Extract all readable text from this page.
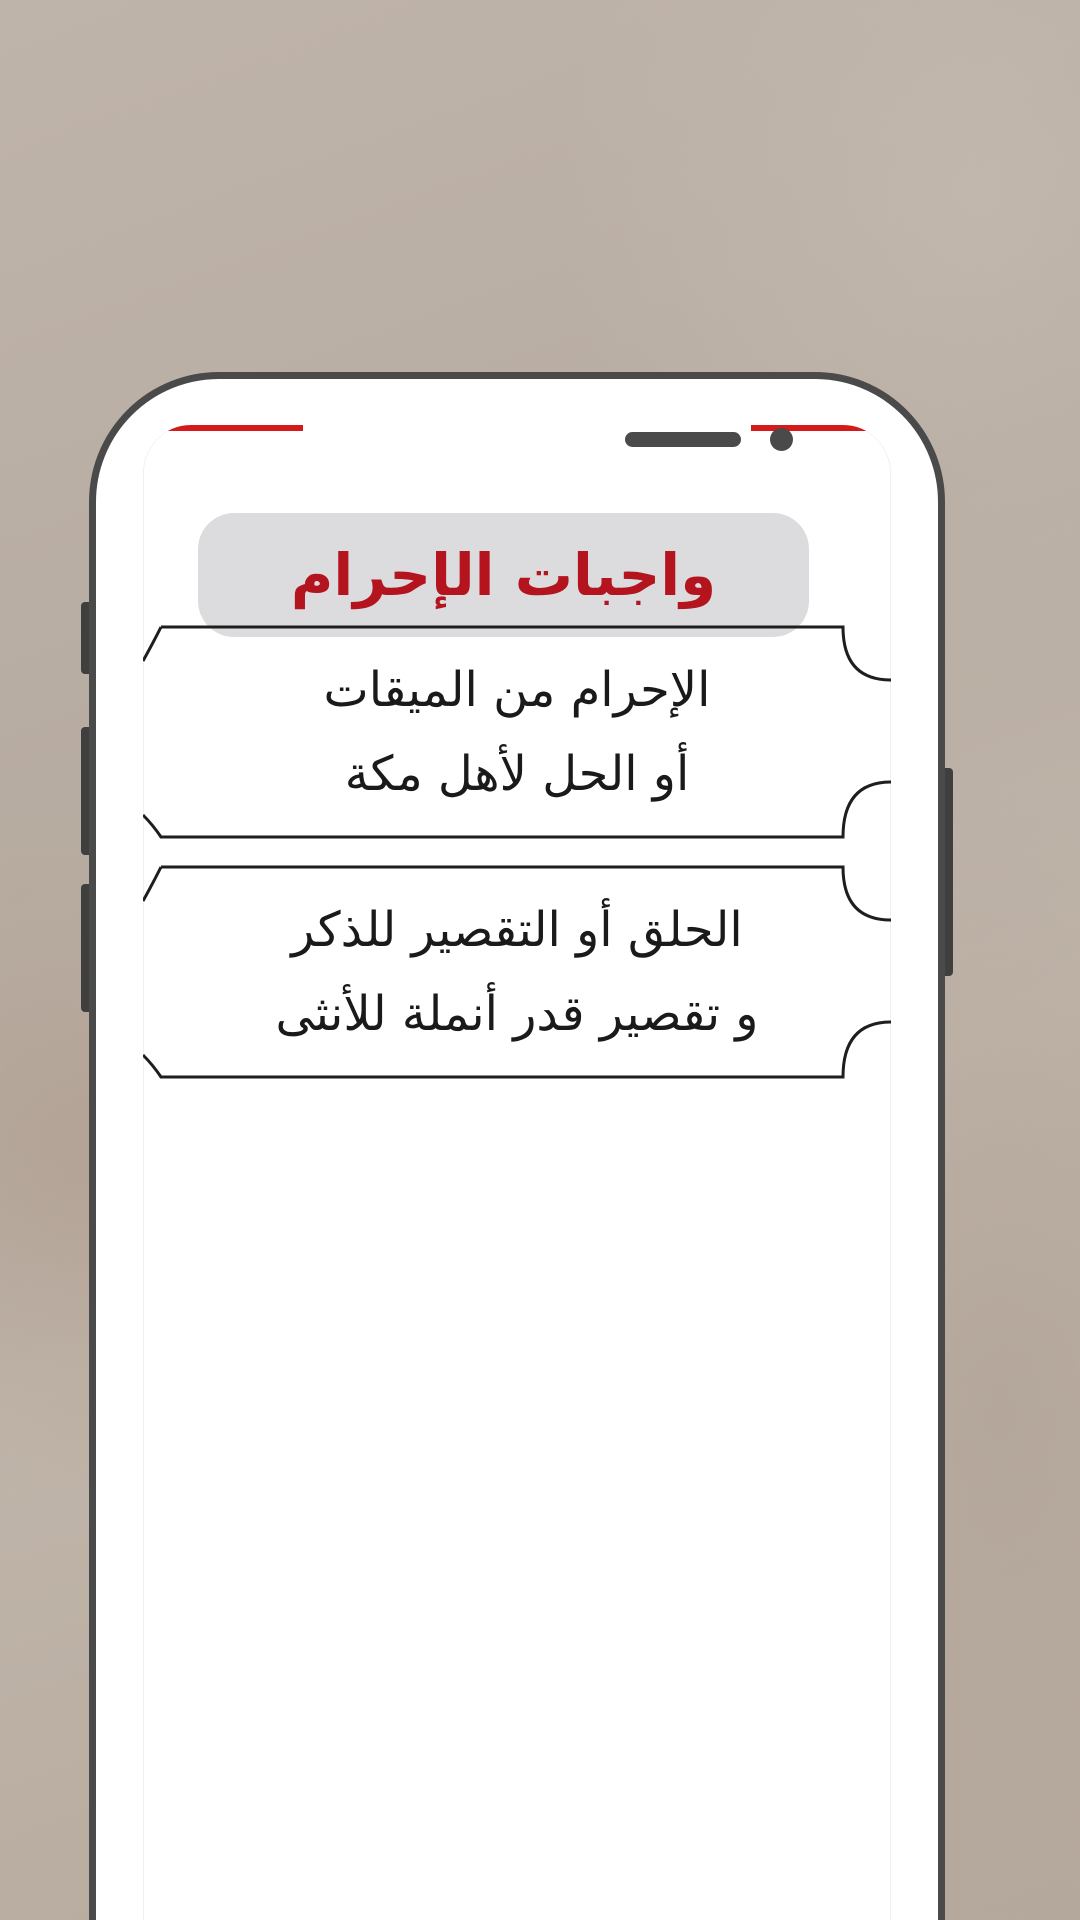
واجبات الإحرام
الإحرام من الميقات
أو الحل لأهل مكة
الحلق أو التقصير للذكر
و تقصير قدر أنملة للأنثى
